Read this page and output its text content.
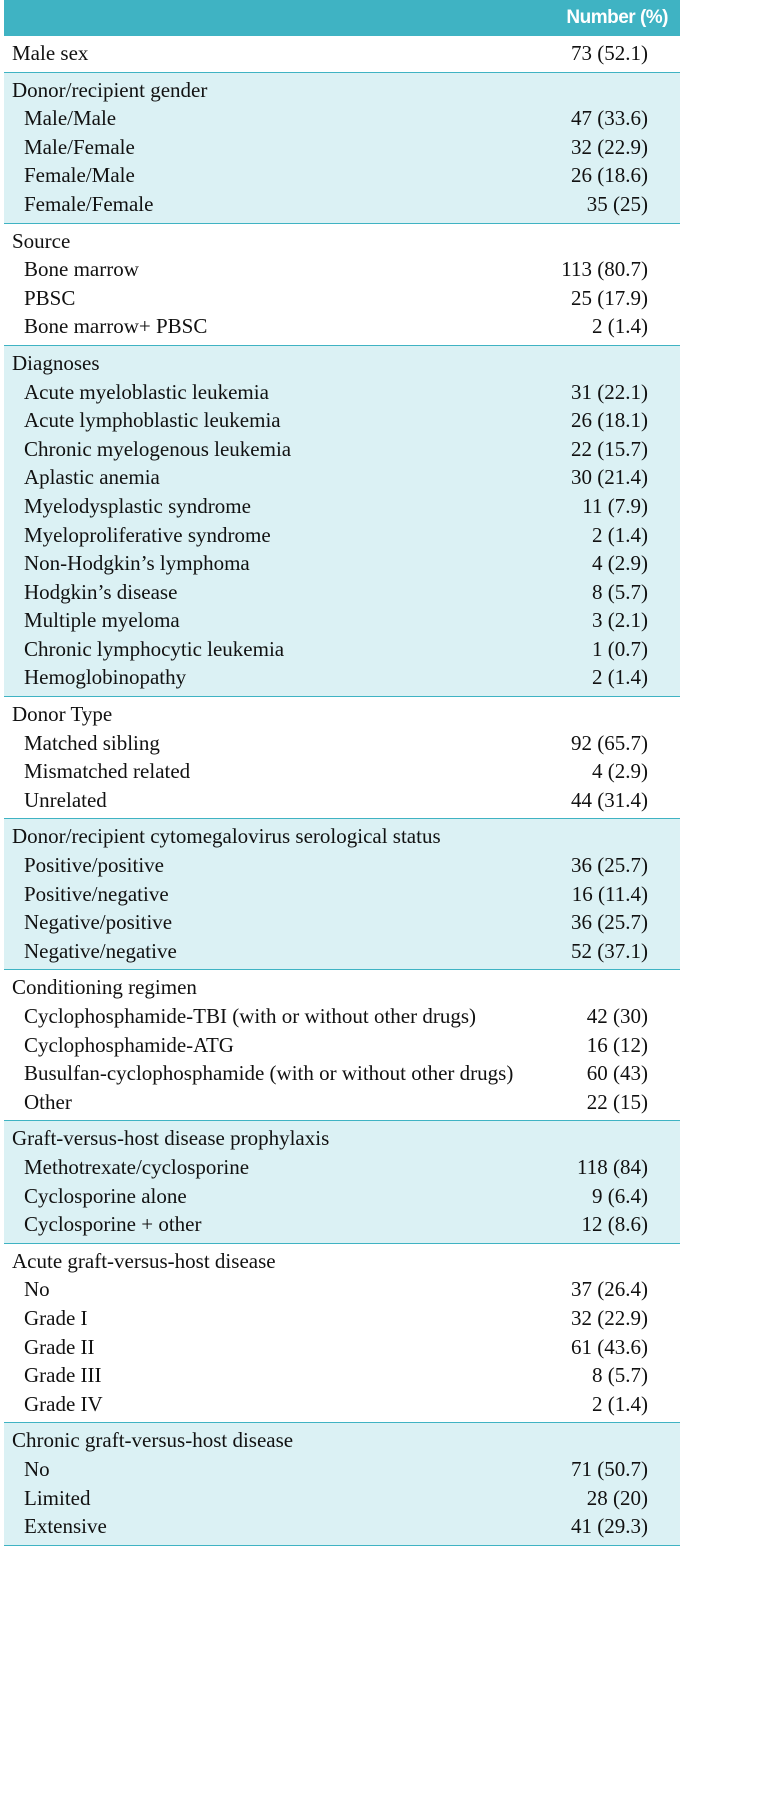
Number (%)
Male sex	73 (52.1)
Donor/recipient gender
Male/Male	47 (33.6)
Male/Female	32 (22.9)
Female/Male	26 (18.6)
Female/Female	35 (25)
Source
Bone marrow	113 (80.7)
PBSC	25 (17.9)
Bone marrow+ PBSC	2 (1.4)
Diagnoses
Acute myeloblastic leukemia	31 (22.1)
Acute lymphoblastic leukemia	26 (18.1)
Chronic myelogenous leukemia	22 (15.7)
Aplastic anemia	30 (21.4)
Myelodysplastic syndrome	11 (7.9)
Myeloproliferative syndrome	2 (1.4)
Non-Hodgkin’s lymphoma	4 (2.9)
Hodgkin’s disease	8 (5.7)
Multiple myeloma	3 (2.1)
Chronic lymphocytic leukemia	1 (0.7)
Hemoglobinopathy	2 (1.4)
Donor Type
Matched sibling	92 (65.7)
Mismatched related	4 (2.9)
Unrelated	44 (31.4)
Donor/recipient cytomegalovirus serological status
Positive/positive	36 (25.7)
Positive/negative	16 (11.4)
Negative/positive	36 (25.7)
Negative/negative	52 (37.1)
Conditioning regimen
Cyclophosphamide-TBI (with or without other drugs)	42 (30)
Cyclophosphamide-ATG	16 (12)
Busulfan-cyclophosphamide (with or without other drugs)	60 (43)
Other	22 (15)
Graft-versus-host disease prophylaxis
Methotrexate/cyclosporine	118 (84)
Cyclosporine alone	9 (6.4)
Cyclosporine + other	12 (8.6)
Acute graft-versus-host disease
No	37 (26.4)
Grade I	32 (22.9)
Grade II	61 (43.6)
Grade III	8 (5.7)
Grade IV	2 (1.4)
Chronic graft-versus-host disease
No	71 (50.7)
Limited	28 (20)
Extensive	41 (29.3)
